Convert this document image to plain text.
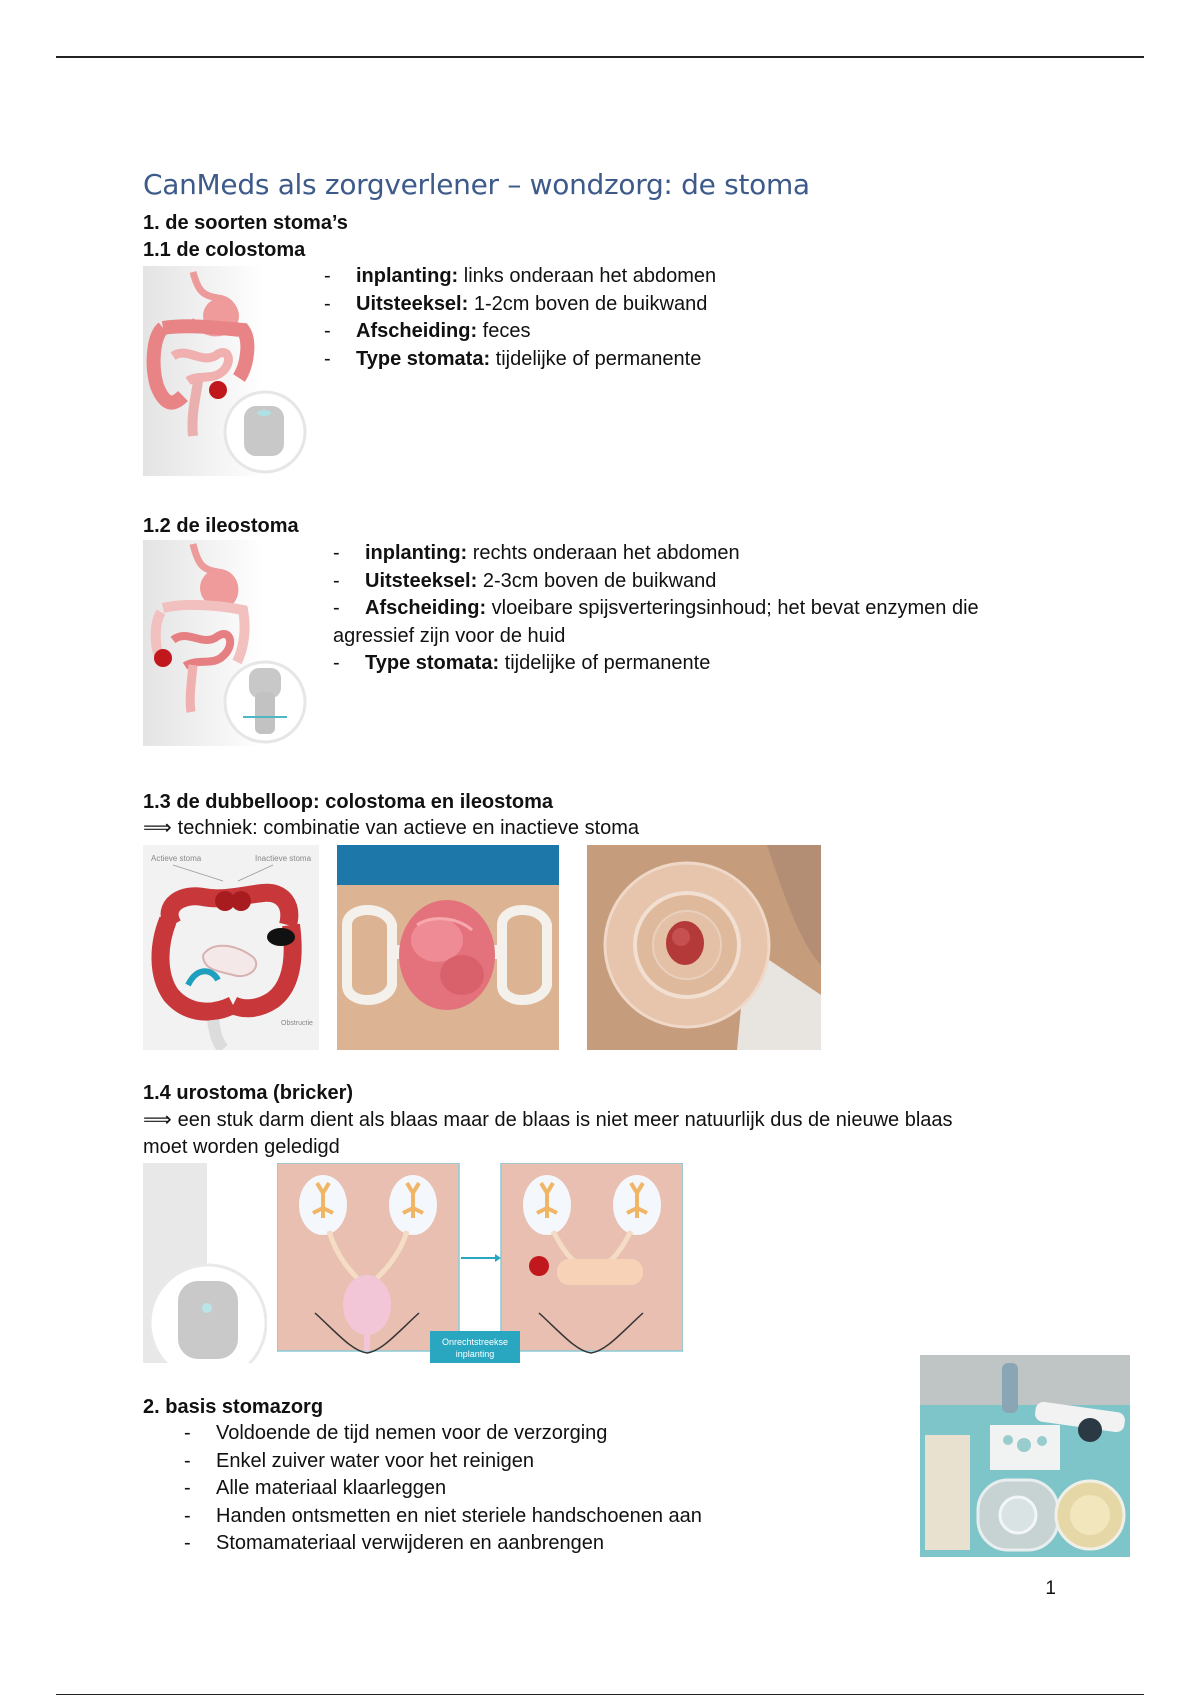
CanMeds als zorgverlener – wondzorg: de stoma
1. de soorten stoma’s
1.1 de colostoma
- inplanting: links onderaan het abdomen
- Uitsteeksel: 1-2cm boven de buikwand
- Afscheiding: feces
- Type stomata: tijdelijke of permanente
1.2 de ileostoma
- inplanting: rechts onderaan het abdomen
- Uitsteeksel: 2-3cm boven de buikwand
- Afscheiding: vloeibare spijsverteringsinhoud; het bevat enzymen die
agressief zijn voor de huid
- Type stomata: tijdelijke of permanente
1.3 de dubbelloop: colostoma en ileostoma
⟹ techniek: combinatie van actieve en inactieve stoma
Actieve stoma	Inactieve stoma
Obstructie
1.4 urostoma (bricker)
⟹ een stuk darm dient als blaas maar de blaas is niet meer natuurlijk dus de nieuwe blaas
moet worden geledigd
Onrechtstreekse
inplanting
2. basis stomazorg
- Voldoende de tijd nemen voor de verzorging
- Enkel zuiver water voor het reinigen
- Alle materiaal klaarleggen
- Handen ontsmetten en niet steriele handschoenen aan
- Stomamateriaal verwijderen en aanbrengen
1
